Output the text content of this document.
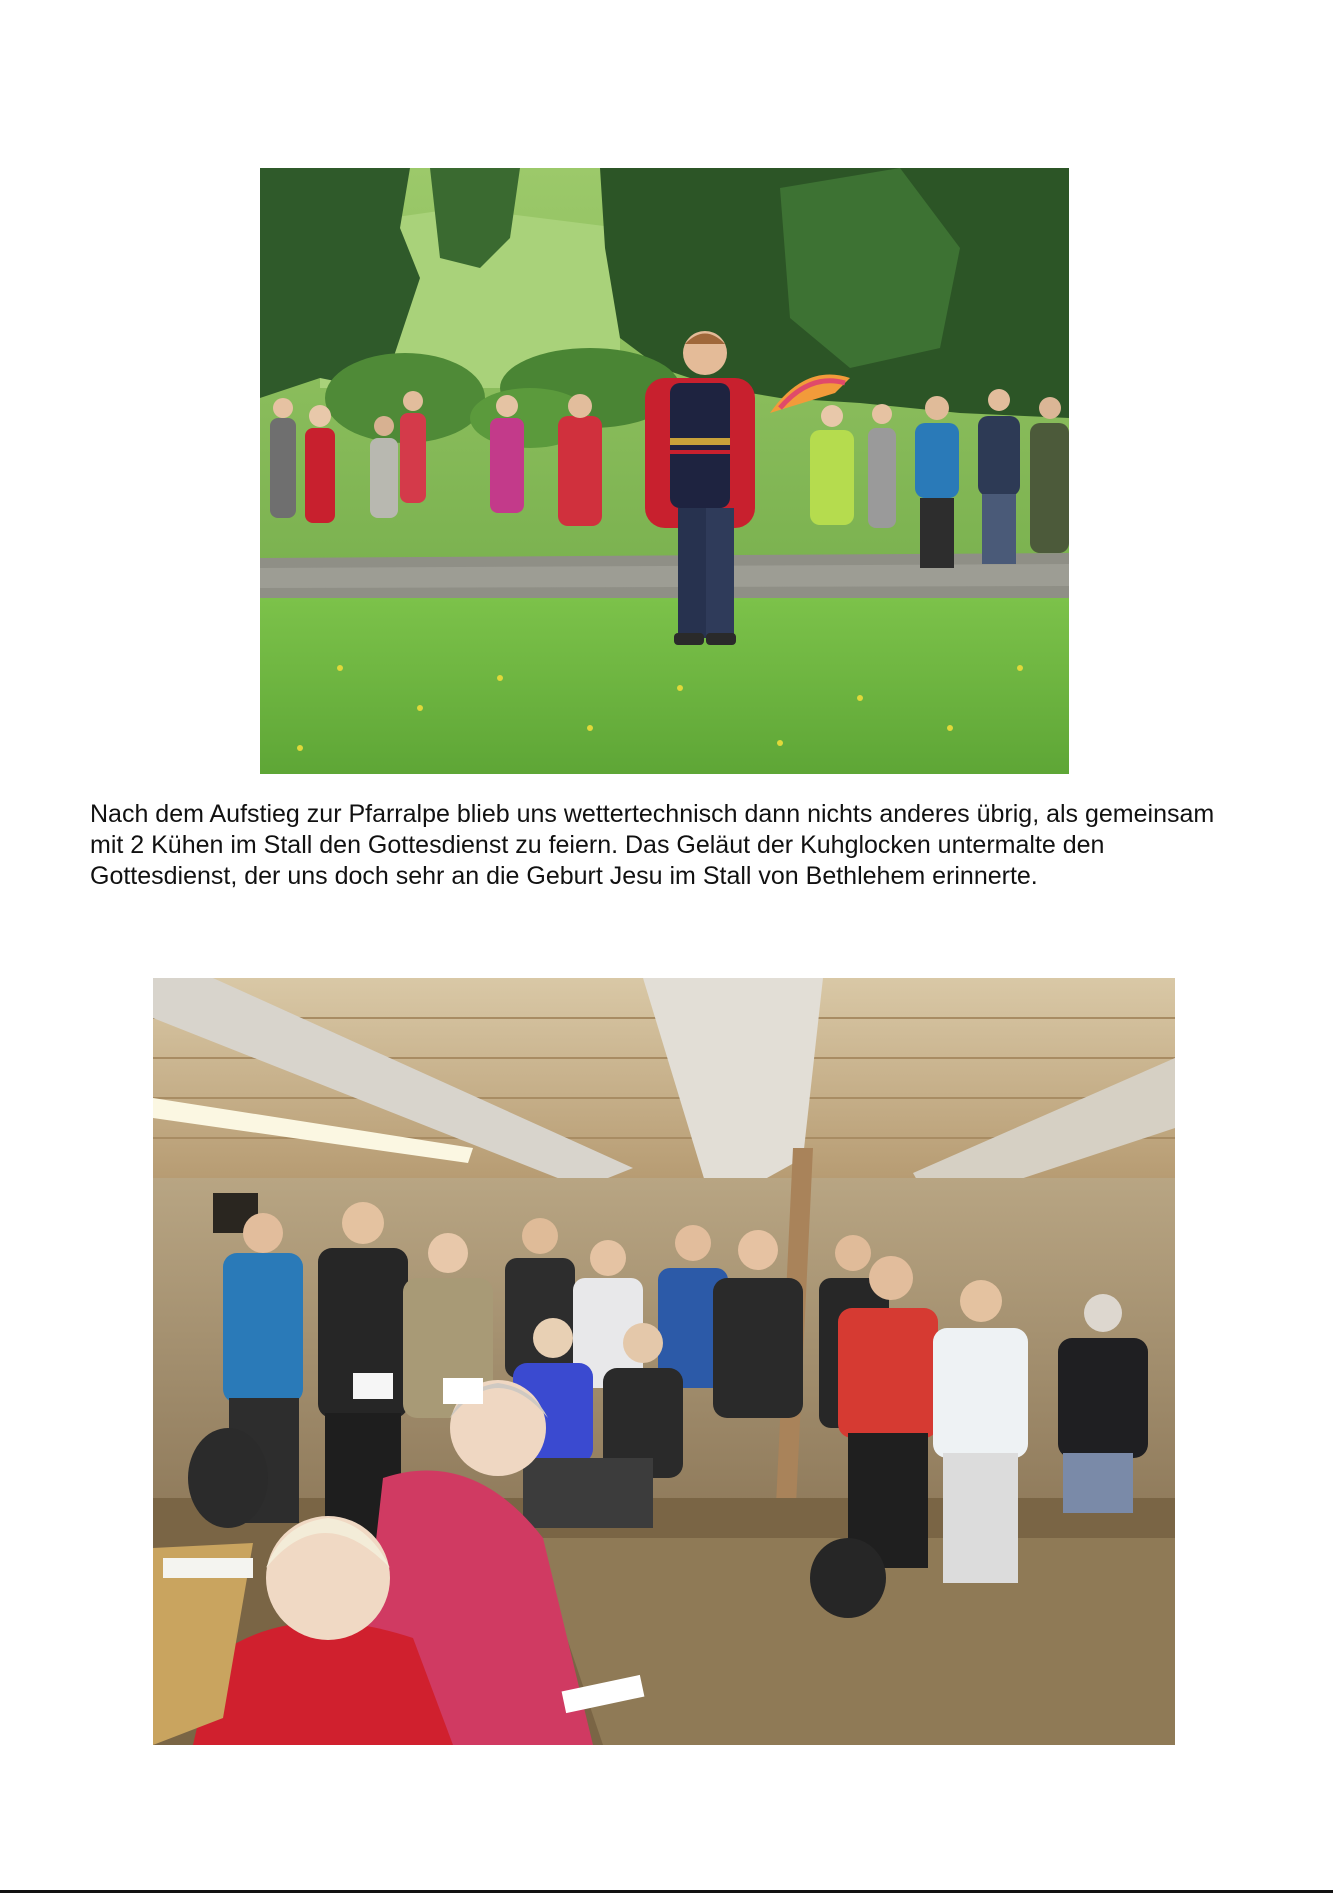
Nach dem Aufstieg zur Pfarralpe blieb uns wettertechnisch dann nichts anderes übrig, als gemeinsam mit 2 Kühen im Stall den Gottesdienst zu feiern. Das Geläut der Kuhglocken untermalte den Gottesdienst, der uns doch sehr an die Geburt Jesu im Stall von Bethlehem erinnerte.
